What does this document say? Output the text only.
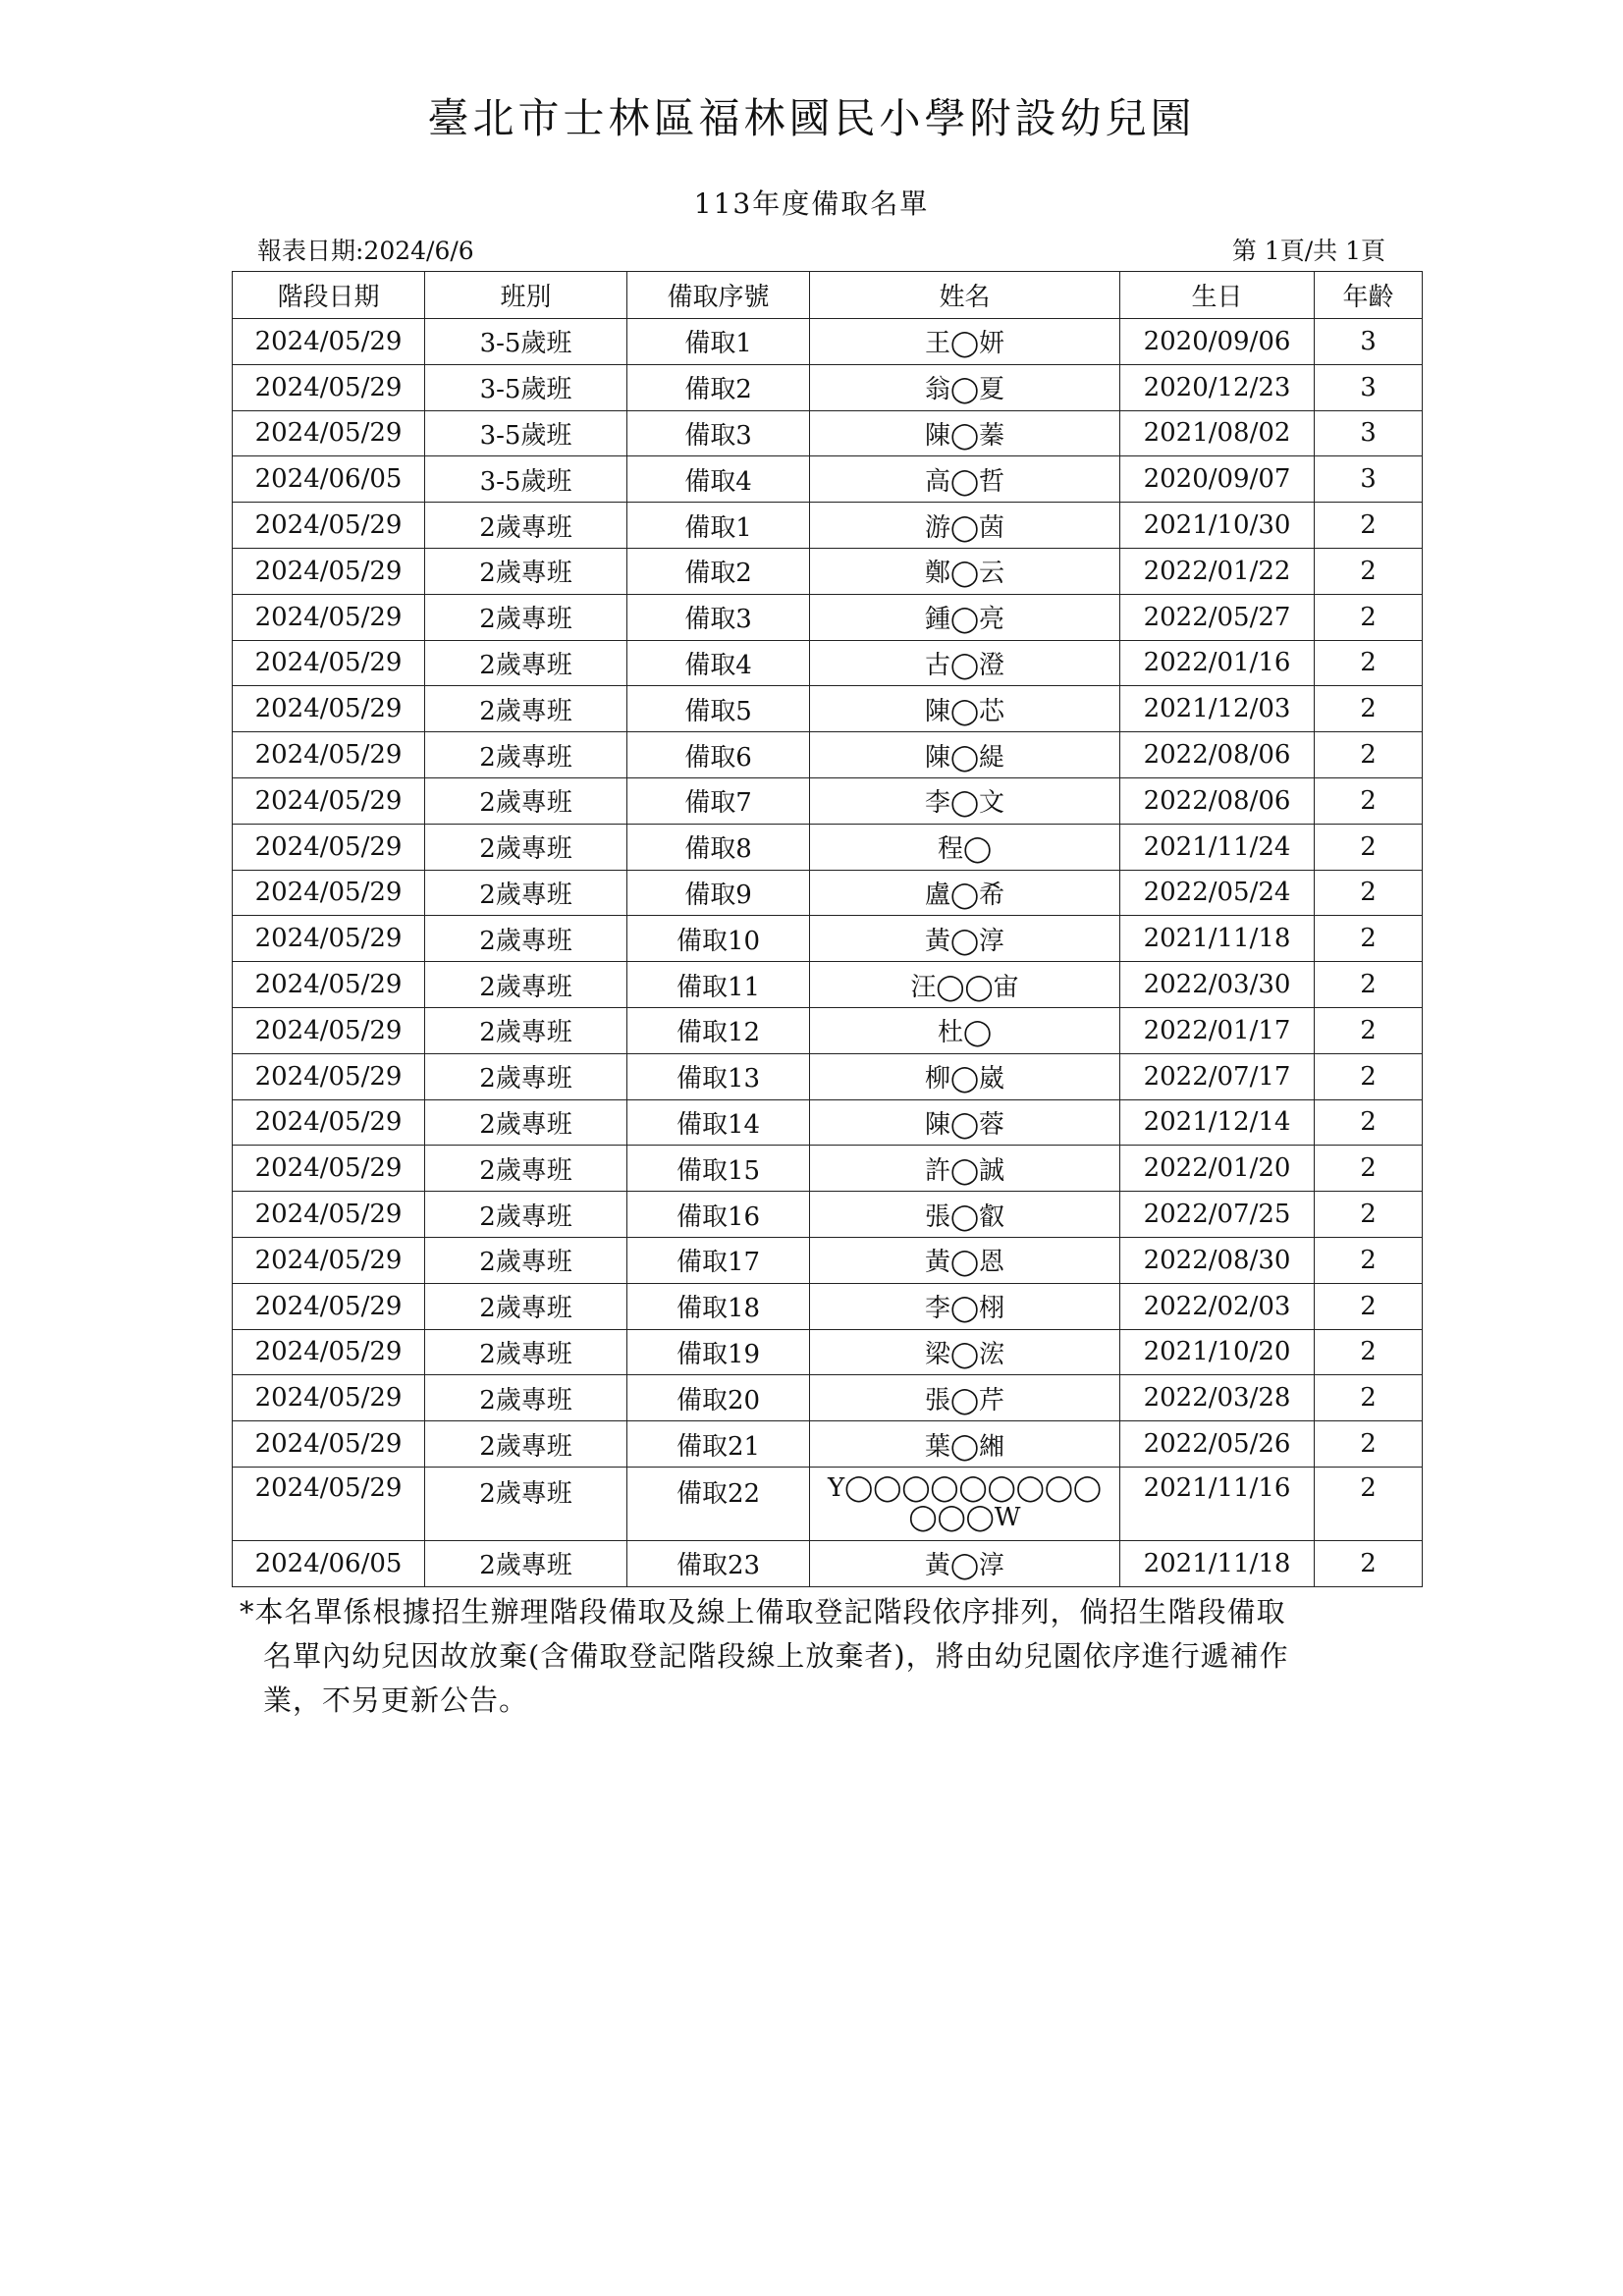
臺北市士林區福林國民小學附設幼兒園
113年度備取名單
報表日期:2024/6/6	第 1頁/共 1頁
階段日期	班別	備取序號	姓名	生日	年齡
2024/05/29	3-5歲班	備取1	王◯妍	2020/09/06	3
2024/05/29	3-5歲班	備取2	翁◯夏	2020/12/23	3
2024/05/29	3-5歲班	備取3	陳◯蓁	2021/08/02	3
2024/06/05	3-5歲班	備取4	高◯哲	2020/09/07	3
2024/05/29	2歲專班	備取1	游◯茵	2021/10/30	2
2024/05/29	2歲專班	備取2	鄭◯云	2022/01/22	2
2024/05/29	2歲專班	備取3	鍾◯亮	2022/05/27	2
2024/05/29	2歲專班	備取4	古◯澄	2022/01/16	2
2024/05/29	2歲專班	備取5	陳◯芯	2021/12/03	2
2024/05/29	2歲專班	備取6	陳◯緹	2022/08/06	2
2024/05/29	2歲專班	備取7	李◯文	2022/08/06	2
2024/05/29	2歲專班	備取8	程◯	2021/11/24	2
2024/05/29	2歲專班	備取9	盧◯希	2022/05/24	2
2024/05/29	2歲專班	備取10	黃◯淳	2021/11/18	2
2024/05/29	2歲專班	備取11	汪◯◯宙	2022/03/30	2
2024/05/29	2歲專班	備取12	杜◯	2022/01/17	2
2024/05/29	2歲專班	備取13	柳◯崴	2022/07/17	2
2024/05/29	2歲專班	備取14	陳◯蓉	2021/12/14	2
2024/05/29	2歲專班	備取15	許◯誠	2022/01/20	2
2024/05/29	2歲專班	備取16	張◯叡	2022/07/25	2
2024/05/29	2歲專班	備取17	黃◯恩	2022/08/30	2
2024/05/29	2歲專班	備取18	李◯栩	2022/02/03	2
2024/05/29	2歲專班	備取19	梁◯浤	2021/10/20	2
2024/05/29	2歲專班	備取20	張◯芹	2022/03/28	2
2024/05/29	2歲專班	備取21	葉◯緗	2022/05/26	2
2024/05/29	2歲專班	備取22	Y◯◯◯◯◯◯◯◯◯◯◯◯W	2021/11/16	2
2024/06/05	2歲專班	備取23	黃◯淳	2021/11/18	2
*本名單係根據招生辦理階段備取及線上備取登記階段依序排列，倘招生階段備取
名單內幼兒因故放棄(含備取登記階段線上放棄者)，將由幼兒園依序進行遞補作
業，不另更新公告。
